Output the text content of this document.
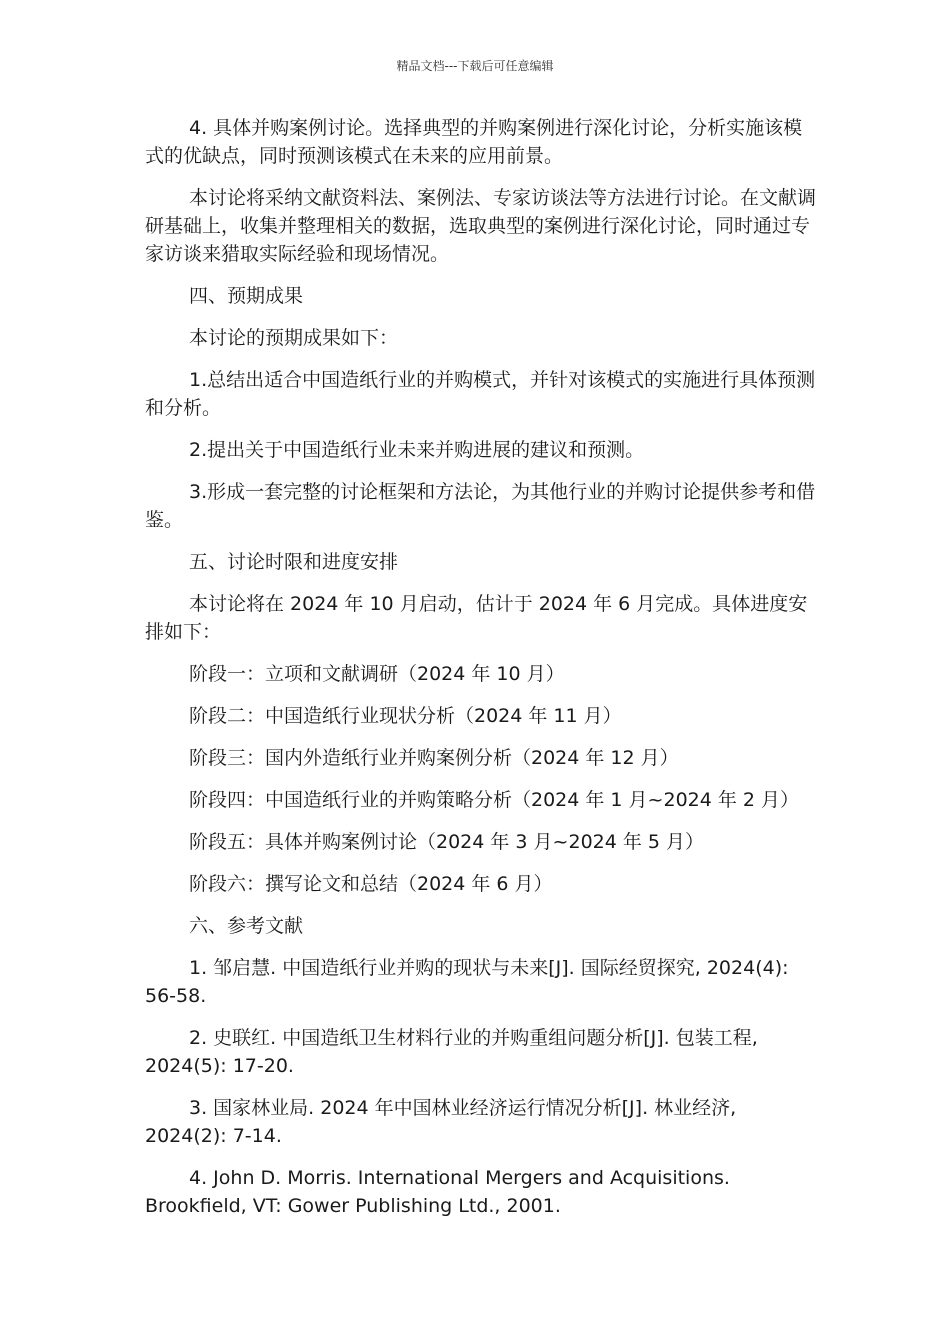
精品文档---下载后可任意编辑

4. 具体并购案例讨论。选择典型的并购案例进行深化讨论，分析实施该模式的优缺点，同时预测该模式在未来的应用前景。

本讨论将采纳文献资料法、案例法、专家访谈法等方法进行讨论。在文献调研基础上，收集并整理相关的数据，选取典型的案例进行深化讨论，同时通过专家访谈来猎取实际经验和现场情况。

四、预期成果

本讨论的预期成果如下：

1.总结出适合中国造纸行业的并购模式，并针对该模式的实施进行具体预测和分析。

2.提出关于中国造纸行业未来并购进展的建议和预测。

3.形成一套完整的讨论框架和方法论，为其他行业的并购讨论提供参考和借鉴。

五、讨论时限和进度安排

本讨论将在 2024 年 10 月启动，估计于 2024 年 6 月完成。具体进度安排如下：

阶段一：立项和文献调研（2024 年 10 月）

阶段二：中国造纸行业现状分析（2024 年 11 月）

阶段三：国内外造纸行业并购案例分析（2024 年 12 月）

阶段四：中国造纸行业的并购策略分析（2024 年 1 月~2024 年 2 月）

阶段五：具体并购案例讨论（2024 年 3 月~2024 年 5 月）

阶段六：撰写论文和总结（2024 年 6 月）

六、参考文献

1. 邹启慧. 中国造纸行业并购的现状与未来[J]. 国际经贸探究, 2024(4): 56-58.

2. 史联红. 中国造纸卫生材料行业的并购重组问题分析[J]. 包装工程, 2024(5): 17-20.

3. 国家林业局. 2024 年中国林业经济运行情况分析[J]. 林业经济, 2024(2): 7-14.

4. John D. Morris. International Mergers and Acquisitions. Brookfield, VT: Gower Publishing Ltd., 2001.
